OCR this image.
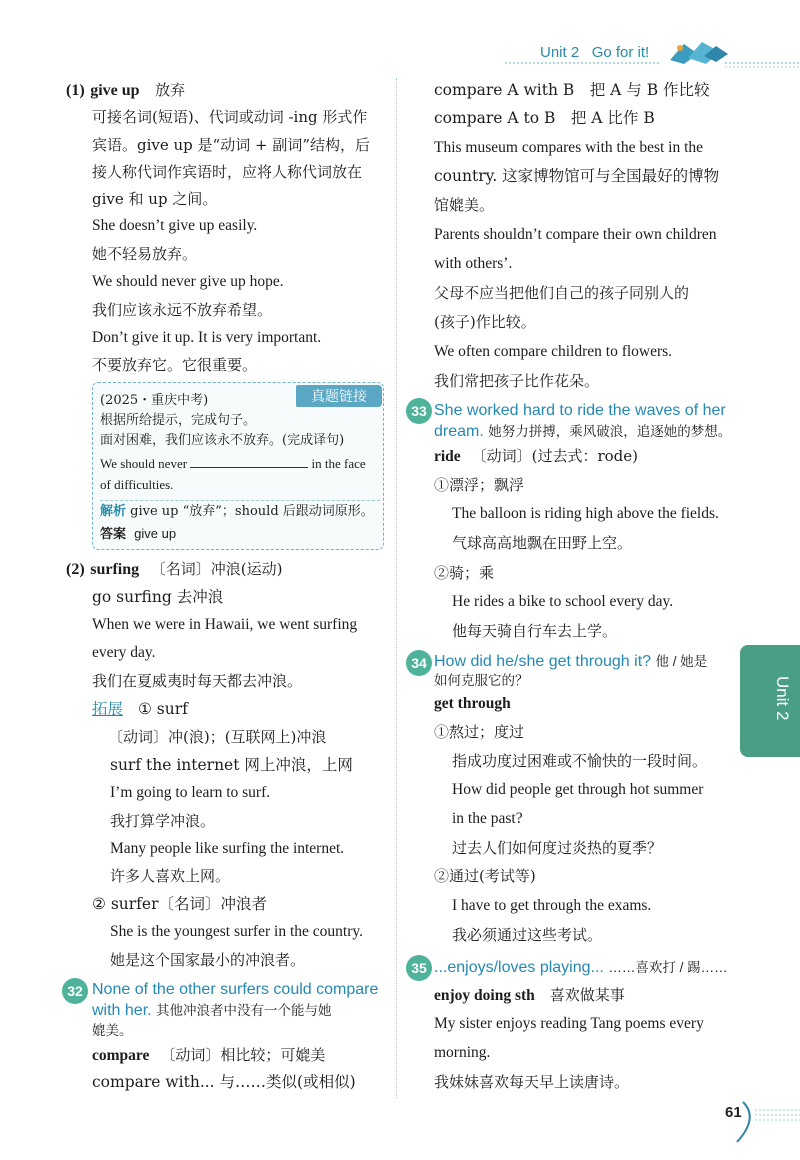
Unit 2 Go for it!
(1) give up 放弃
可接名词(短语)、代词或动词 -ing 形式作
宾语。give up 是“动词 + 副词”结构，后
接人称代词作宾语时，应将人称代词放在
give 和 up 之间。
She doesn’t give up easily.
她不轻易放弃。
We should never give up hope.
我们应该永远不放弃希望。
Don’t give it up. It is very important.
不要放弃它。它很重要。
真题链接
(2025・重庆中考)
根据所给提示，完成句子。
面对困难，我们应该永不放弃。(完成译句)
We should never	in the face
of difficulties.
解析 give up “放弃”；should 后跟动词原形。
答案 give up
(2) surfing 〔名词〕冲浪(运动)
go surfing 去冲浪
When we were in Hawaii, we went surfing
every day.
我们在夏威夷时每天都去冲浪。
拓展 ① surf
〔动词〕冲(浪)；(互联网上)冲浪
surf the internet 网上冲浪，上网
I’m going to learn to surf.
我打算学冲浪。
Many people like surfing the internet.
许多人喜欢上网。
② surfer〔名词〕冲浪者
She is the youngest surfer in the country.
她是这个国家最小的冲浪者。
32 None of the other surfers could compare
with her. 其他冲浪者中没有一个能与她
媲美。
compare 〔动词〕相比较；可媲美
compare with... 与……类似(或相似)
compare A with B　把 A 与 B 作比较
compare A to B　把 A 比作 B
This museum compares with the best in the
country. 这家博物馆可与全国最好的博物
馆媲美。
Parents shouldn’t compare their own children
with others’.
父母不应当把他们自己的孩子同别人的
(孩子)作比较。
We often compare children to flowers.
我们常把孩子比作花朵。
33 She worked hard to ride the waves of her
dream. 她努力拼搏，乘风破浪，追逐她的梦想。
ride 〔动词〕(过去式：rode)
①漂浮；飘浮
The balloon is riding high above the fields.
气球高高地飘在田野上空。
②骑；乘
He rides a bike to school every day.
他每天骑自行车去上学。
34 How did he/she get through it? 他 / 她是
如何克服它的？
get through
①熬过；度过
指成功度过困难或不愉快的一段时间。
How did people get through hot summer
in the past?
过去人们如何度过炎热的夏季？
②通过(考试等)
I have to get through the exams.
我必须通过这些考试。
35 ...enjoys/loves playing... ……喜欢打 / 踢……
enjoy doing sth 喜欢做某事
My sister enjoys reading Tang poems every
morning.
我妹妹喜欢每天早上读唐诗。
Unit 2
61
